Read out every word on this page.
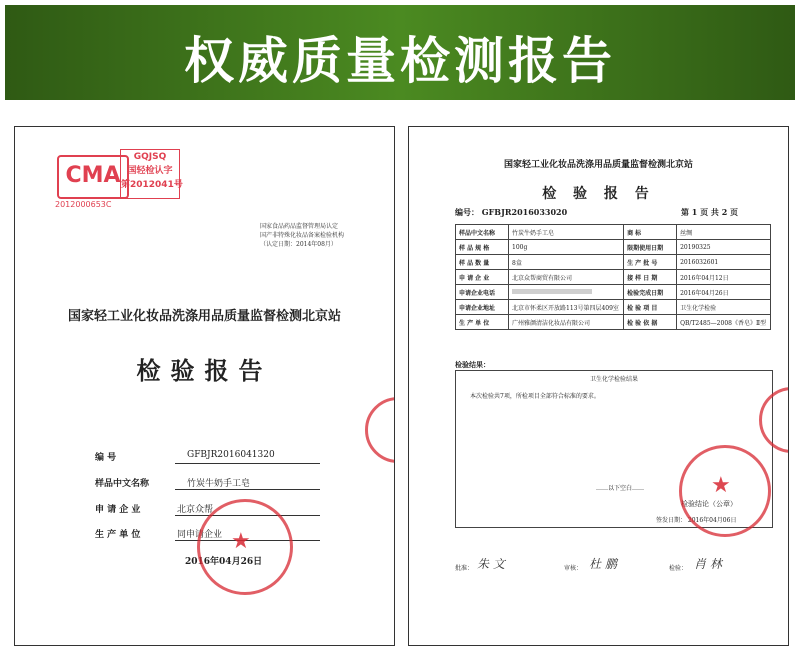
权威质量检测报告
CMA
2012000653C
GQJSQ
国轻检认字
第2012041号
国家食品药品监督管理局认定
国产非特殊化妆品备案检验机构
（认定日期：2014年08月）
国家轻工业化妆品洗涤用品质量监督检测北京站
检验报告
编 号	GFBJR2016041320
样品中文名称	竹炭牛奶手工皂
申 请 企 业	北京众帮
生 产 单 位	同申请企业
2016年04月26日
★
国家轻工业化妆品洗涤用品质量监督检测北京站
检 验 报 告
编号： GFBJR2016033020	第 1 页 共 2 页
样品中文名称	竹炭牛奶手工皂	商 标	丝绸
样 品 规 格	100g	限期使用日期	20190325
样 品 数 量	8盒	生 产 批 号	2016032601
申 请 企 业	北京众帮商贸有限公司	接 样 日 期	2016年04月12日
申请企业电话		检验完成日期	2016年04月26日
申请企业地址	北京市怀柔区开放路113号第四层409室	检 验 项 目	卫生化学检验
生 产 单 位	广州雅颜清洁化妆品有限公司	检 验 依 据	QB/T2485—2008《香皂》Ⅱ型
检验结果：
卫生化学检验结果
本次检验共7项，所检项目全部符合标准的要求。
……以下空白……
检验结论（公章）
签发日期： 2016年04月06日
★
批准： 朱 文	审核： 杜 鹏	检验： 肖 林
